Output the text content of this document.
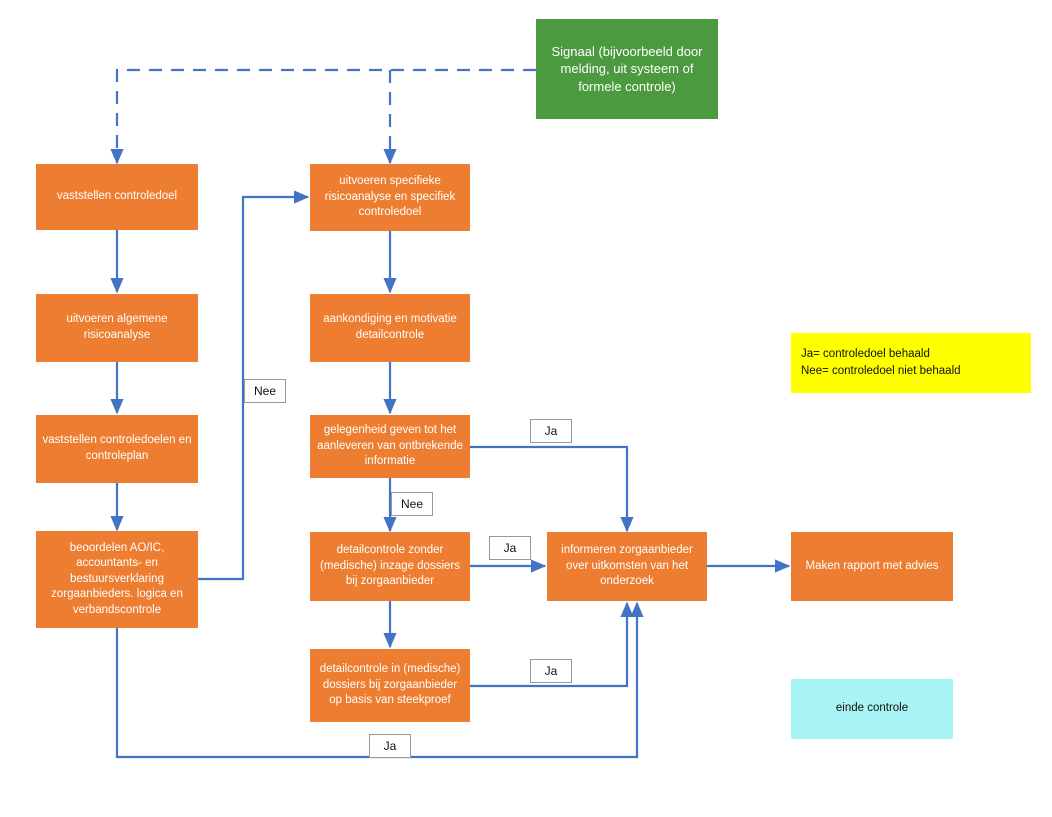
Signaal (bijvoorbeeld door melding, uit systeem of formele controle)
vaststellen controledoel
uitvoeren algemene risicoanalyse
vaststellen controledoelen en controleplan
beoordelen AO/IC, accountants- en bestuursverklaring zorgaanbieders. logica en verbandscontrole
uitvoeren specifieke risicoanalyse en specifiek controledoel
aankondiging en motivatie detailcontrole
gelegenheid geven tot het aanleveren van ontbrekende informatie
detailcontrole zonder (medische) inzage dossiers bij zorgaanbieder
detailcontrole in (medische) dossiers bij zorgaanbieder op basis van steekproef
informeren zorgaanbieder over uitkomsten van het onderzoek
Maken rapport met advies
einde controle
Ja= controledoel behaald
Nee= controledoel niet behaald
Nee
Ja
Nee
Ja
Ja
Ja
